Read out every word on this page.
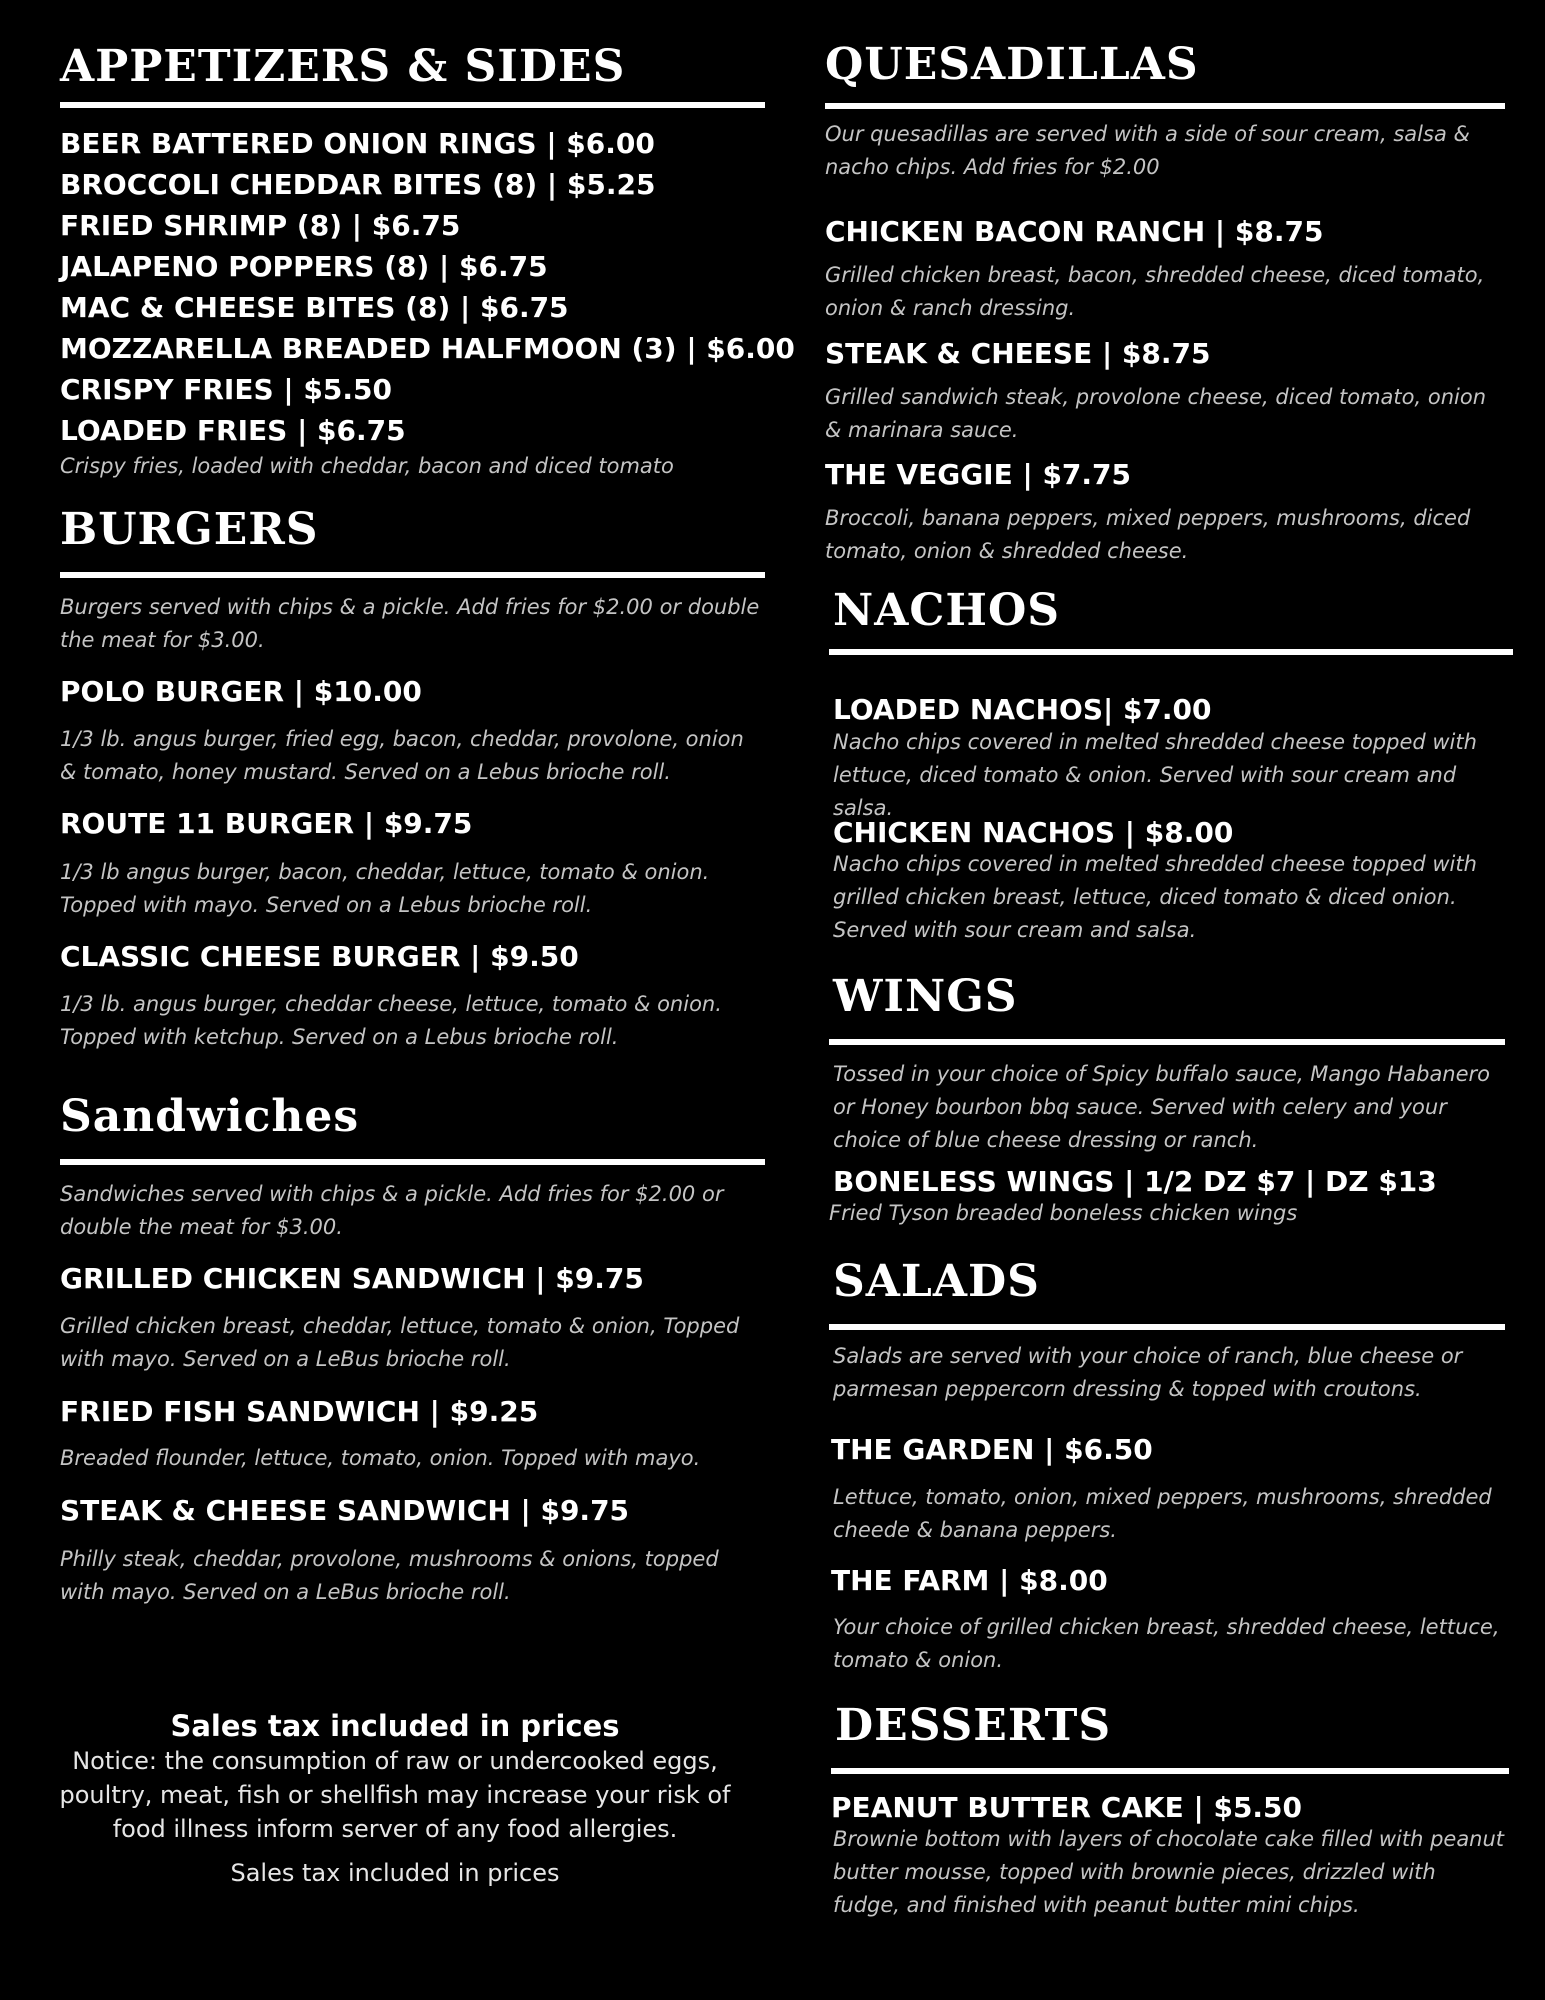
APPETIZERS & SIDES
BEER BATTERED ONION RINGS | $6.00
BROCCOLI CHEDDAR BITES (8) | $5.25
FRIED SHRIMP (8) | $6.75
JALAPENO POPPERS (8) | $6.75
MAC & CHEESE BITES (8) | $6.75
MOZZARELLA BREADED HALFMOON (3) | $6.00
CRISPY FRIES | $5.50
LOADED FRIES | $6.75
Crispy fries, loaded with cheddar, bacon and diced tomato
BURGERS
Burgers served with chips & a pickle. Add fries for $2.00 or double the meat for $3.00.
POLO BURGER | $10.00
1/3 lb. angus burger, fried egg, bacon, cheddar, provolone, onion & tomato, honey mustard. Served on a Lebus brioche roll.
ROUTE 11 BURGER | $9.75
1/3 lb angus burger, bacon, cheddar, lettuce, tomato & onion. Topped with mayo. Served on a Lebus brioche roll.
CLASSIC CHEESE BURGER | $9.50
1/3 lb. angus burger, cheddar cheese, lettuce, tomato & onion. Topped with ketchup. Served on a Lebus brioche roll.
Sandwiches
Sandwiches served with chips & a pickle. Add fries for $2.00 or double the meat for $3.00.
GRILLED CHICKEN SANDWICH | $9.75
Grilled chicken breast, cheddar, lettuce, tomato & onion, Topped with mayo. Served on a LeBus brioche roll.
FRIED FISH SANDWICH | $9.25
Breaded flounder, lettuce, tomato, onion. Topped with mayo.
STEAK & CHEESE SANDWICH | $9.75
Philly steak, cheddar, provolone, mushrooms & onions, topped with mayo. Served on a LeBus brioche roll.
Sales tax included in prices
Notice: the consumption of raw or undercooked eggs, poultry, meat, fish or shellfish may increase your risk of food illness inform server of any food allergies.
Sales tax included in prices
QUESADILLAS
Our quesadillas are served with a side of sour cream, salsa & nacho chips. Add fries for $2.00
CHICKEN BACON RANCH | $8.75
Grilled chicken breast, bacon, shredded cheese, diced tomato, onion & ranch dressing.
STEAK & CHEESE | $8.75
Grilled sandwich steak, provolone cheese, diced tomato, onion & marinara sauce.
THE VEGGIE | $7.75
Broccoli, banana peppers, mixed peppers, mushrooms, diced tomato, onion & shredded cheese.
NACHOS
LOADED NACHOS| $7.00
Nacho chips covered in melted shredded cheese topped with lettuce, diced tomato & onion. Served with sour cream and salsa.
CHICKEN NACHOS | $8.00
Nacho chips covered in melted shredded cheese topped with grilled chicken breast, lettuce, diced tomato & diced onion. Served with sour cream and salsa.
WINGS
Tossed in your choice of Spicy buffalo sauce, Mango Habanero or Honey bourbon bbq sauce. Served with celery and your choice of blue cheese dressing or ranch.
BONELESS WINGS | 1/2 DZ $7 | DZ $13
Fried Tyson breaded boneless chicken wings
SALADS
Salads are served with your choice of ranch, blue cheese or parmesan peppercorn dressing & topped with croutons.
THE GARDEN | $6.50
Lettuce, tomato, onion, mixed peppers, mushrooms, shredded cheede & banana peppers.
THE FARM | $8.00
Your choice of grilled chicken breast, shredded cheese, lettuce, tomato & onion.
DESSERTS
PEANUT BUTTER CAKE | $5.50
Brownie bottom with layers of chocolate cake filled with peanut butter mousse, topped with brownie pieces, drizzled with fudge, and finished with peanut butter mini chips.
